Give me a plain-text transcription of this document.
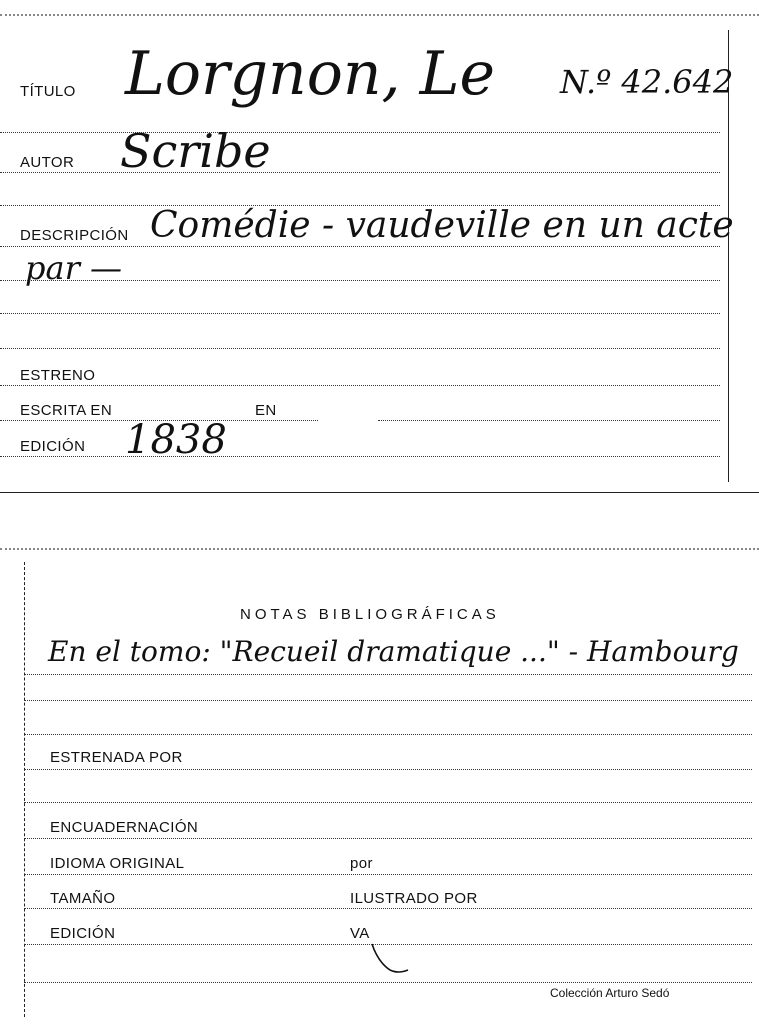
TÍTULO Lorgnon, Le N.º 42.642
AUTOR Scribe
DESCRIPCIÓN Comédie - vaudeville en un acte
par —
ESTRENO
ESCRITA EN	EN
EDICIÓN 1838
NOTAS BIBLIOGRÁFICAS
En el tomo: "Recueil dramatique ..." - Hambourg
ESTRENADA POR
ENCUADERNACIÓN
IDIOMA ORIGINAL	por
TAMAÑO	ILUSTRADO POR
EDICIÓN	VA
Colección Arturo Sedó
